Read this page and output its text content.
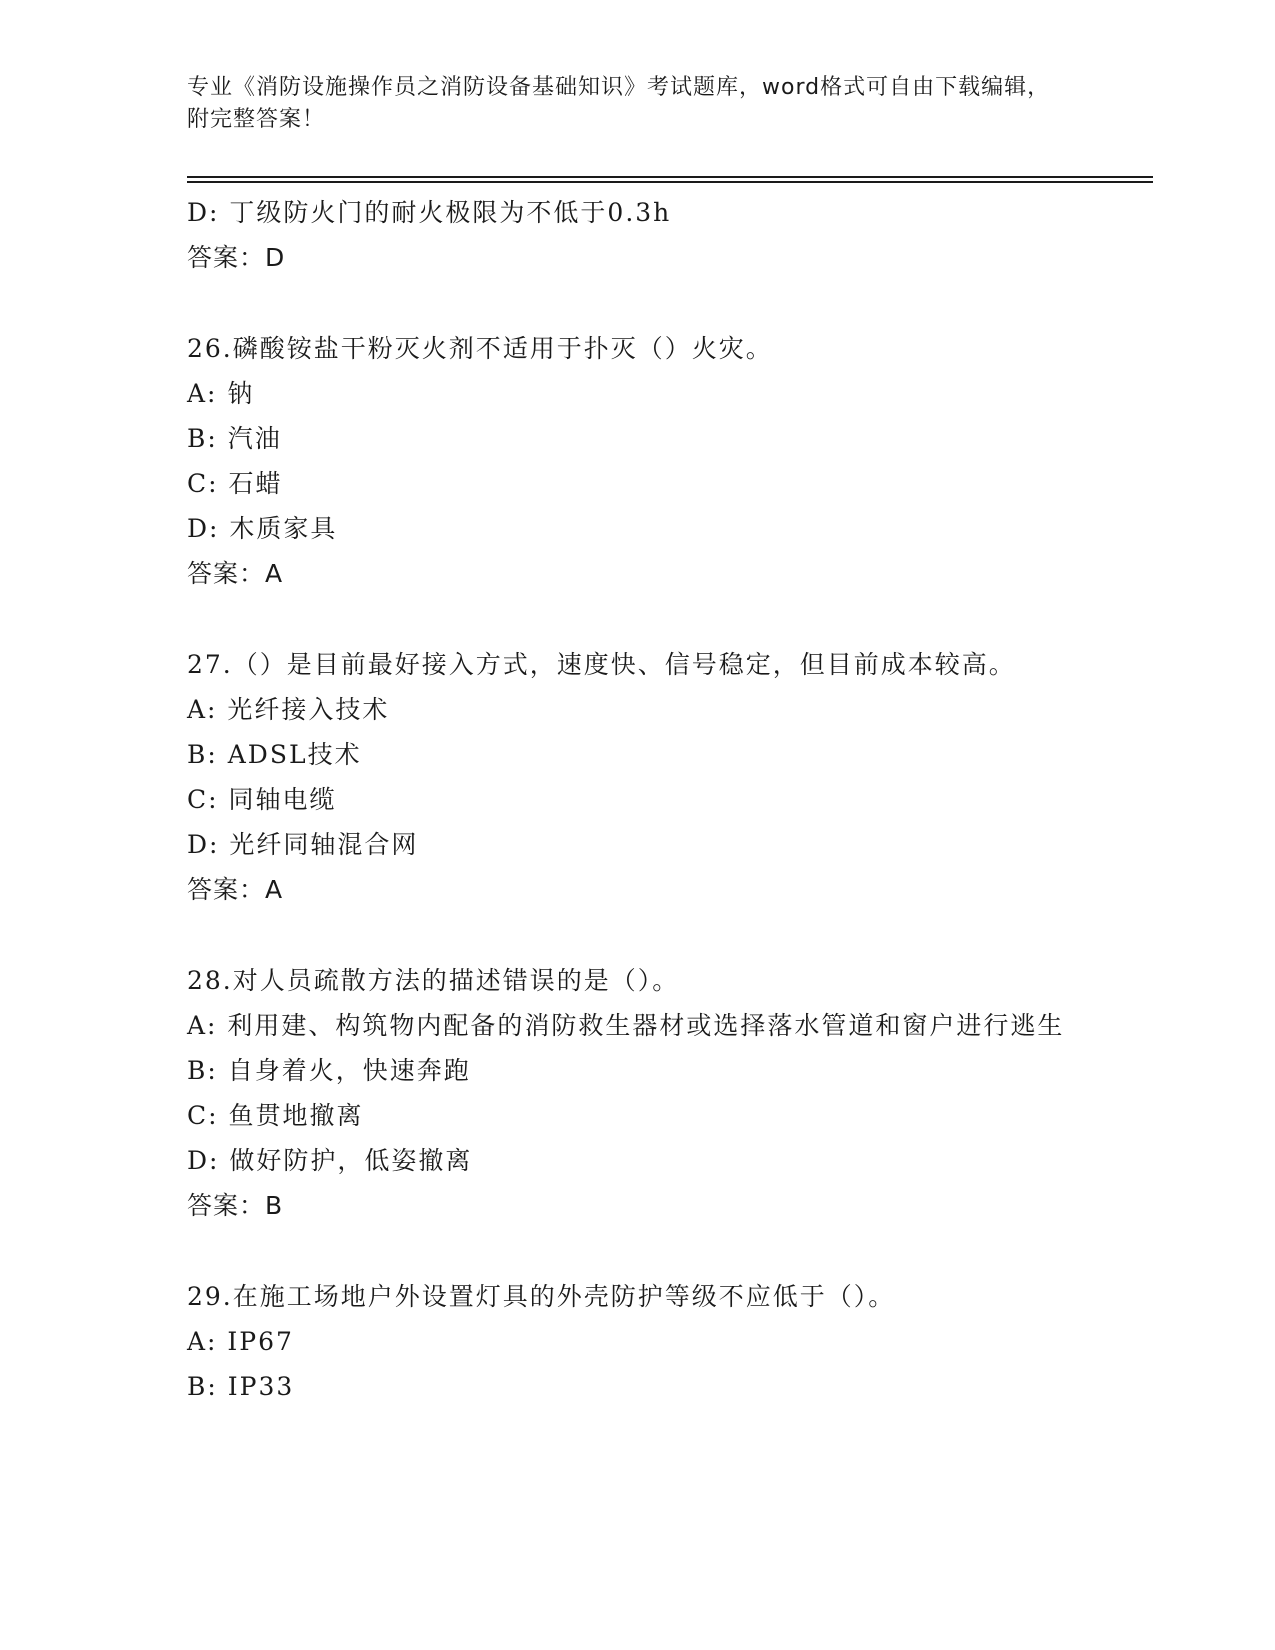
专业《消防设施操作员之消防设备基础知识》考试题库，word格式可自由下载编辑，附完整答案！
D: 丁级防火门的耐火极限为不低于0.3h
答案：D
26.磷酸铵盐干粉灭火剂不适用于扑灭（）火灾。
A: 钠
B: 汽油
C: 石蜡
D: 木质家具
答案：A
27.（）是目前最好接入方式，速度快、信号稳定，但目前成本较高。
A: 光纤接入技术
B: ADSL技术
C: 同轴电缆
D: 光纤同轴混合网
答案：A
28.对人员疏散方法的描述错误的是（）。
A: 利用建、构筑物内配备的消防救生器材或选择落水管道和窗户进行逃生
B: 自身着火，快速奔跑
C: 鱼贯地撤离
D: 做好防护，低姿撤离
答案：B
29.在施工场地户外设置灯具的外壳防护等级不应低于（）。
A: IP67
B: IP33
